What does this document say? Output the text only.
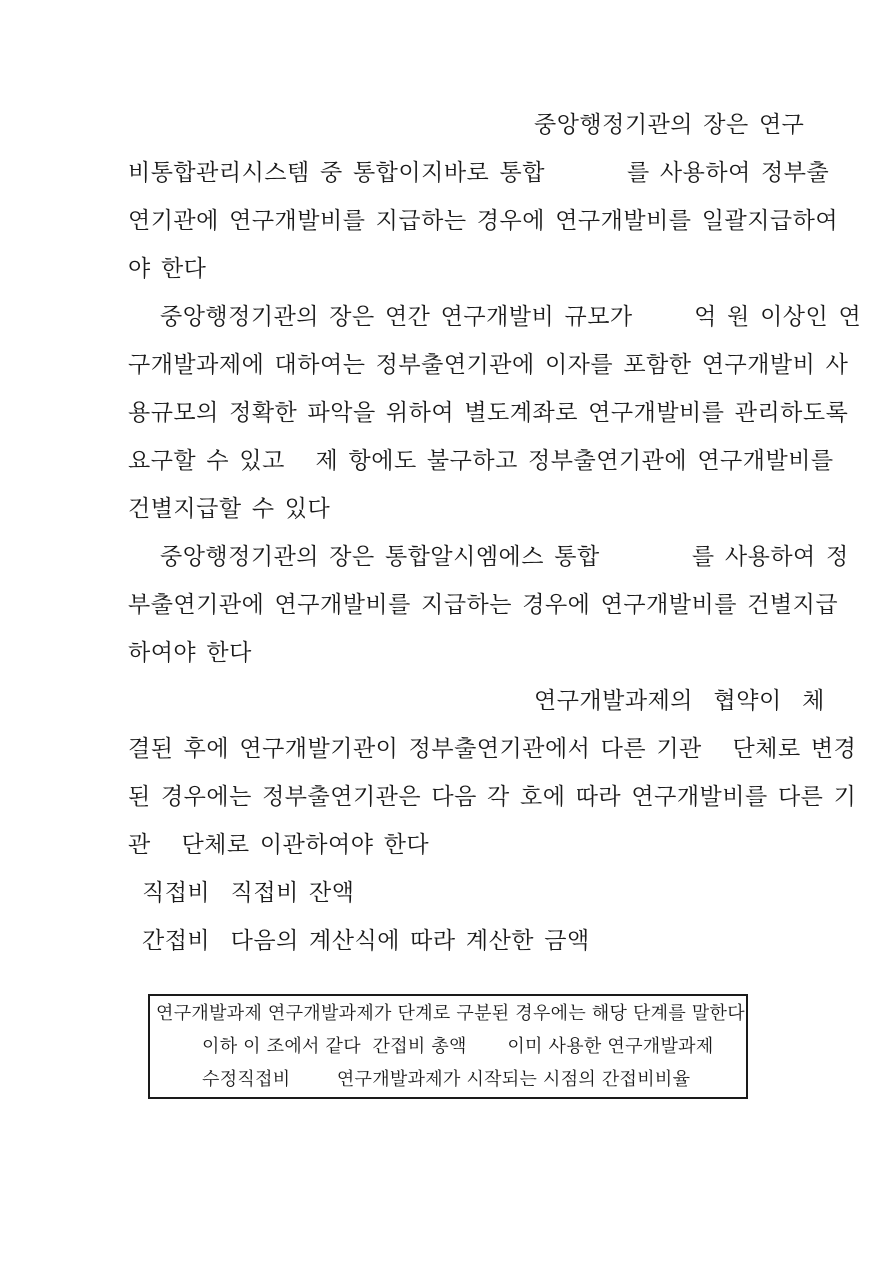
중앙행정기관의 장은 연구
비통합관리시스템 중 통합이지바로 통합        를 사용하여 정부출
연기관에 연구개발비를 지급하는 경우에 연구개발비를 일괄지급하여
야 한다
중앙행정기관의 장은 연간 연구개발비 규모가      억 원 이상인 연
구개발과제에 대하여는 정부출연기관에 이자를 포함한 연구개발비 사
용규모의 정확한 파악을 위하여 별도계좌로 연구개발비를 관리하도록
요구할 수 있고   제 항에도 불구하고 정부출연기관에 연구개발비를
건별지급할 수 있다
중앙행정기관의 장은 통합알시엠에스 통합         를 사용하여 정
부출연기관에 연구개발비를 지급하는 경우에 연구개발비를 건별지급
하여야 한다
연구개발과제의  협약이  체
결된 후에 연구개발기관이 정부출연기관에서 다른 기관   단체로 변경
된 경우에는 정부출연기관은 다음 각 호에 따라 연구개발비를 다른 기
관   단체로 이관하여야 한다
직접비  직접비 잔액
간접비  다음의 계산식에 따라 계산한 금액
연구개발과제 연구개발과제가 단계로 구분된 경우에는 해당 단계를 말한다
이하 이 조에서 같다  간접비 총액       이미 사용한 연구개발과제
수정직접비        연구개발과제가 시작되는 시점의 간접비비율
